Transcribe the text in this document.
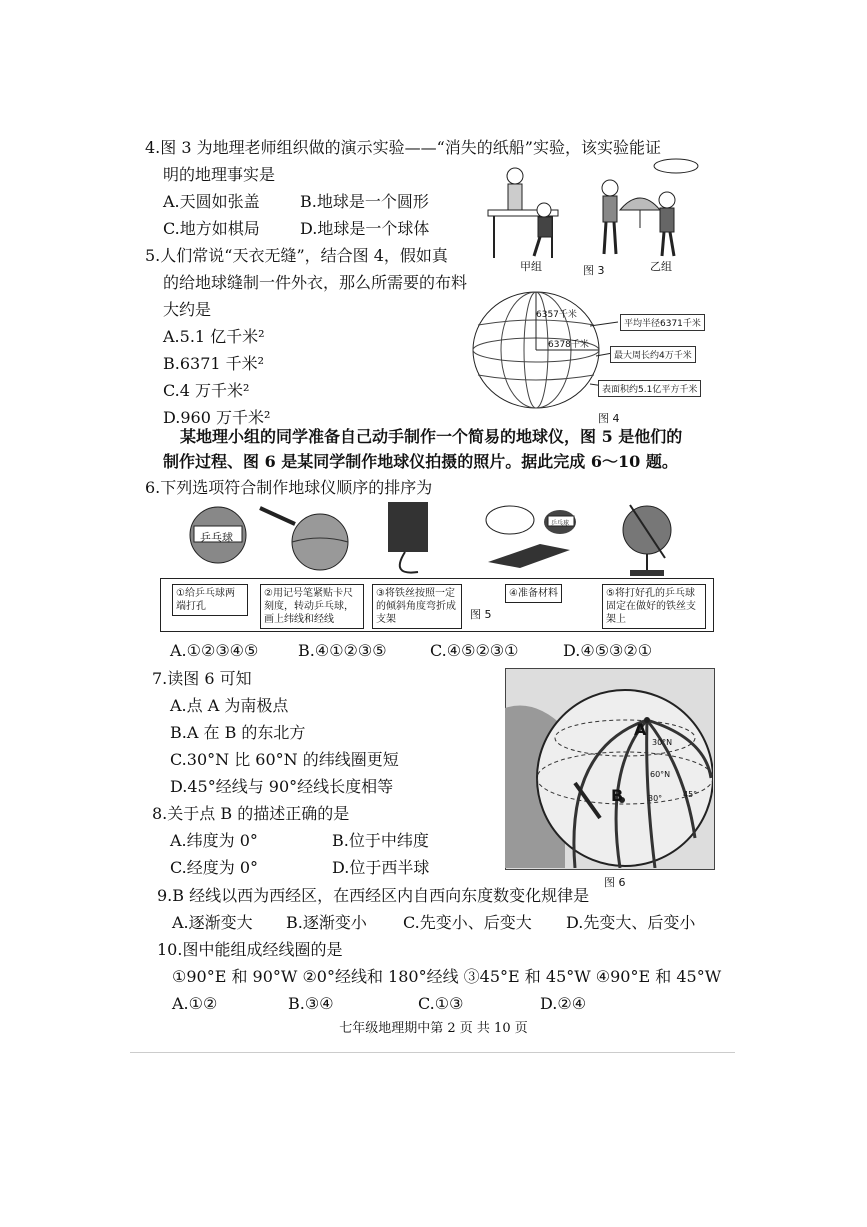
4.图 3 为地理老师组织做的演示实验——“消失的纸船”实验，该实验能证
明的地理事实是
A.天圆如张盖	B.地球是一个圆形
C.地方如棋局	D.地球是一个球体
甲组	乙组
图 3
5.人们常说“天衣无缝”，结合图 4，假如真
的给地球缝制一件外衣，那么所需要的布料
大约是
A.5.1 亿千米²
B.6371 千米²
C.4 万千米²
D.960 万千米²
6357千米
6378千米
平均半径6371千米
最大周长约4万千米
表面积约5.1亿平方千米
图 4
某地理小组的同学准备自己动手制作一个简易的地球仪，图 5 是他们的
制作过程、图 6 是某同学制作地球仪拍摄的照片。据此完成 6～10 题。
6.下列选项符合制作地球仪顺序的排序为
乒乓球
乒乓球
①给乒乓球两端打孔
②用记号笔紧贴卡尺刻度，转动乒乓球，画上纬线和经线
③将铁丝按照一定的倾斜角度弯折成支架
④准备材料	⑤将打好孔的乒乓球固定在做好的铁丝支架上
图 5
A.①②③④⑤ B.④①②③⑤	C.④⑤②③①	D.④⑤③②①
7.读图 6 可知
A.点 A 为南极点
B.A 在 B 的东北方
C.30°N 比 60°N 的纬线圈更短
D.45°经线与 90°经线长度相等
A
B
30°N
60°N
45°
30°
图 6
8.关于点 B 的描述正确的是
A.纬度为 0°	B.位于中纬度
C.经度为 0°	D.位于西半球
9.B 经线以西为西经区，在西经区内自西向东度数变化规律是
A.逐渐变大 B.逐渐变小 C.先变小、后变大 D.先变大、后变小
10.图中能组成经线圈的是
①90°E 和 90°W ②0°经线和 180°经线 ③45°E 和 45°W ④90°E 和 45°W
A.①②	B.③④	C.①③	D.②④
七年级地理期中第 2 页 共 10 页
